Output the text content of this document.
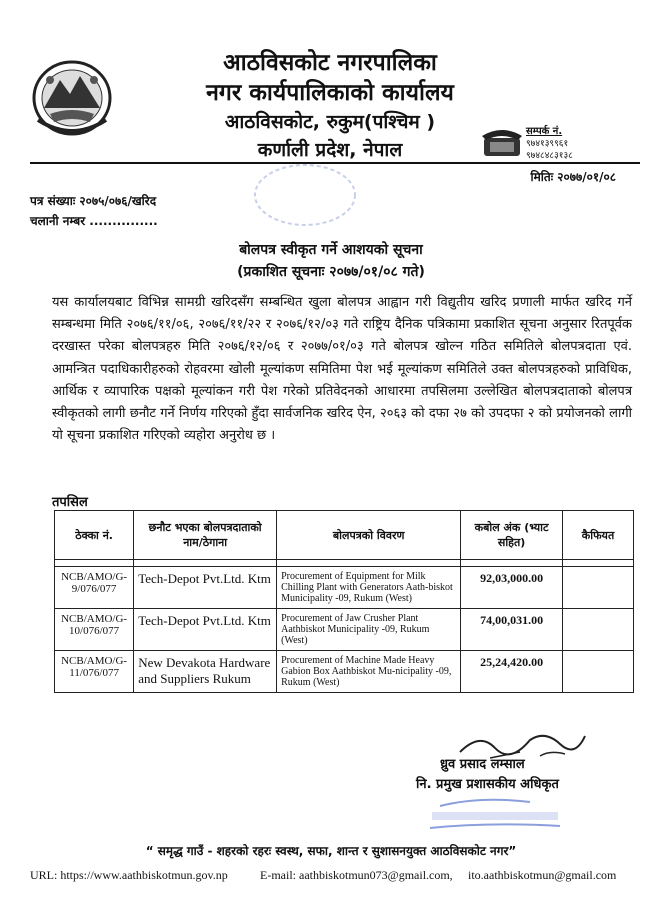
आठविसकोट नगरपालिका
नगर कार्यपालिकाको कार्यालय
आठविसकोट, रुकुम(पश्चिम )
कर्णाली प्रदेश, नेपाल
सम्पर्क नं.
९७४१३९९६१
९७४८४८३१३८
मितिः २०७७/०१/०८
पत्र संख्याः २०७५/०७६/खरिद
चलानी नम्बर ...............
बोलपत्र स्वीकृत गर्ने आशयको सूचना
(प्रकाशित सूचनाः २०७७/०१/०८ गते)
यस कार्यालयबाट विभिन्न सामग्री खरिदसँग सम्बन्धित खुला बोलपत्र आह्वान गरी विद्युतीय खरिद प्रणाली मार्फत खरिद गर्ने सम्बन्धमा मिति २०७६/११/०६, २०७६/११/२२ र २०७६/१२/०३ गते राष्ट्रिय दैनिक पत्रिकामा प्रकाशित सूचना अनुसार रितपूर्वक दरखास्त परेका बोलपत्रहरु मिति २०७६/१२/०६ र २०७७/०१/०३ गते बोलपत्र खोल्न गठित समितिले बोलपत्रदाता एवं. आमन्त्रित पदाधिकारीहरुको रोहवरमा खोली मूल्यांकण समितिमा पेश भई मूल्यांकण समितिले उक्त बोलपत्रहरुको प्राविधिक, आर्थिक र व्यापारिक पक्षको मूल्यांकन गरी पेश गरेको प्रतिवेदनको आधारमा तपसिलमा उल्लेखित बोलपत्रदाताको बोलपत्र स्वीकृतको लागी छनौट गर्ने निर्णय गरिएको हुँदा सार्वजनिक खरिद ऐन, २०६३ को दफा २७ को उपदफा २ को प्रयोजनको लागी यो सूचना प्रकाशित गरिएको व्यहोरा अनुरोध छ ।
तपसिल
ठेक्का नं.	छनौट भएका बोलपत्रदाताको नाम/ठेगाना	बोलपत्रको विवरण	कबोल अंक (भ्याट सहित)	कैफियत

NCB/AMO/G-9/076/077	Tech-Depot Pvt.Ltd. Ktm	Procurement of Equipment for Milk Chilling Plant with Generators Aath-biskot Municipality -09, Rukum (West)	92,03,000.00	
NCB/AMO/G-10/076/077	Tech-Depot Pvt.Ltd. Ktm	Procurement of Jaw Crusher Plant Aathbiskot Municipality -09, Rukum (West)	74,00,031.00	
NCB/AMO/G-11/076/077	New Devakota Hardware and Suppliers Rukum	Procurement of Machine Made Heavy Gabion Box Aathbiskot Mu-nicipality -09, Rukum (West)	25,24,420.00	
ध्रुव प्रसाद लम्साल
नि. प्रमुख प्रशासकीय अधिकृत
“ समृद्ध गाउँ - शहरको रहरः स्वस्थ, सफा, शान्त र सुशासनयुक्त आठविसकोट नगर”
URL: https://www.aathbiskotmun.gov.np	E-mail: aathbiskotmun073@gmail.com, ito.aathbiskotmun@gmail.com
